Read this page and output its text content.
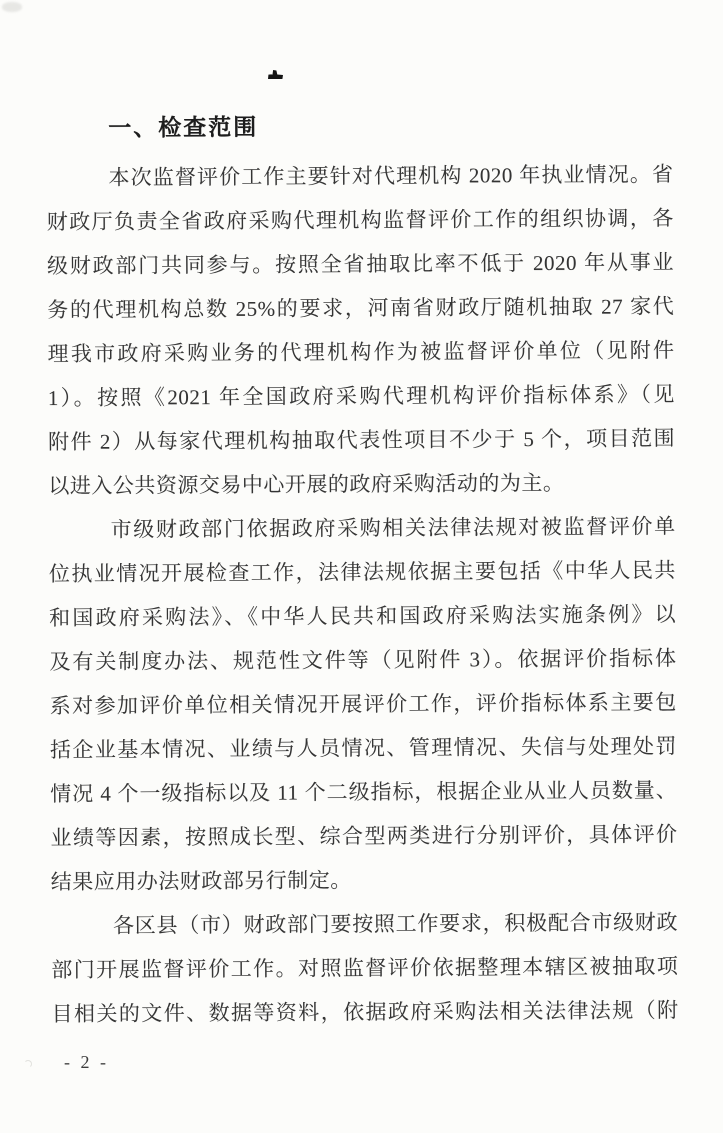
一、检查范围
本次监督评价工作主要针对代理机构 2020 年执业情况。省
财政厅负责全省政府采购代理机构监督评价工作的组织协调，各
级财政部门共同参与。按照全省抽取比率不低于 2020 年从事业
务的代理机构总数 25%的要求，河南省财政厅随机抽取 27 家代
理我市政府采购业务的代理机构作为被监督评价单位（见附件
1）。按照《2021 年全国政府采购代理机构评价指标体系》（见
附件 2）从每家代理机构抽取代表性项目不少于 5 个，项目范围
以进入公共资源交易中心开展的政府采购活动的为主。
市级财政部门依据政府采购相关法律法规对被监督评价单
位执业情况开展检查工作，法律法规依据主要包括《中华人民共
和国政府采购法》、《中华人民共和国政府采购法实施条例》以
及有关制度办法、规范性文件等（见附件 3）。依据评价指标体
系对参加评价单位相关情况开展评价工作，评价指标体系主要包
括企业基本情况、业绩与人员情况、管理情况、失信与处理处罚
情况 4 个一级指标以及 11 个二级指标，根据企业从业人员数量、
业绩等因素，按照成长型、综合型两类进行分别评价，具体评价
结果应用办法财政部另行制定。
各区县（市）财政部门要按照工作要求，积极配合市级财政
部门开展监督评价工作。对照监督评价依据整理本辖区被抽取项
目相关的文件、数据等资料，依据政府采购法相关法律法规（附
- 2 -
